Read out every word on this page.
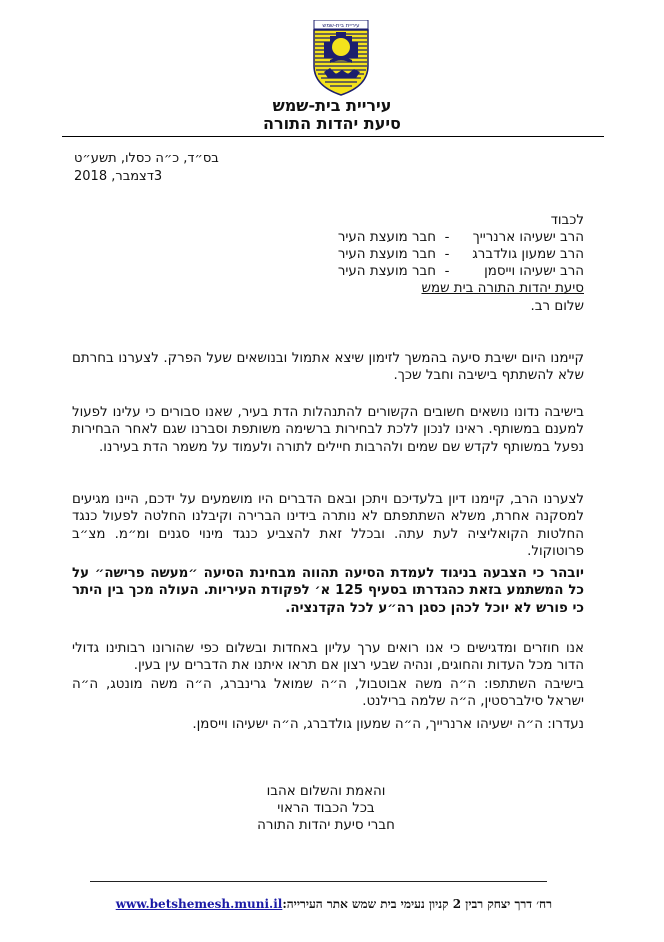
עיריית בית-שמש
עיריית בית-שמש
סיעת יהדות התורה
בס״ד, כ״ה כסלו, תשע״ט
3דצמבר, 2018
לכבוד
הרב ישעיהו ארנרייך
-
חבר מועצת העיר
הרב שמעון גולדברג
-
חבר מועצת העיר
הרב ישעיהו וייסמן
-
חבר מועצת העיר
סיעת יהדות התורה בית שמש
שלום רב.
קיימנו היום ישיבת סיעה בהמשך לזימון שיצא אתמול ובנושאים שעל הפרק. לצערנו בחרתם שלא להשתתף בישיבה וחבל שכך.
בישיבה נדונו נושאים חשובים הקשורים להתנהלות הדת בעיר, שאנו סבורים כי עלינו לפעול למענם במשותף. ראינו לנכון ללכת לבחירות ברשימה משותפת וסברנו שגם לאחר הבחירות נפעל במשותף לקדש שם שמים ולהרבות חיילים לתורה ולעמוד על משמר הדת בעירנו.
לצערנו הרב, קיימנו דיון בלעדיכם ויתכן ובאם הדברים היו מושמעים על ידכם, היינו מגיעים למסקנה אחרת, משלא השתתפתם לא נותרה בידינו הברירה וקיבלנו החלטה לפעול כנגד החלטות הקואליציה לעת עתה. ובכלל זאת להצביע כנגד מינוי סגנים ומ״מ. מצ״ב פרוטוקול.
יובהר כי הצבעה בניגוד לעמדת הסיעה תהווה מבחינת הסיעה ״מעשה פרישה״ על כל המשתמע בזאת כהגדרתו בסעיף 125 א׳ לפקודת העיריות. העולה מכך בין היתר כי פורש לא יוכל לכהן כסגן רה״ע לכל הקדנציה.
אנו חוזרים ומדגישים כי אנו רואים ערך עליון באחדות ובשלום כפי שהורונו רבותינו גדולי הדור מכל העדות והחוגים, ונהיה שבעי רצון אם תראו איתנו את הדברים עין בעין.
בישיבה השתתפו: ה״ה משה אבוטבול, ה״ה שמואל גרינברג, ה״ה משה מונטג, ה״ה ישראל סילברסטין, ה״ה שלמה ברילנט.
נעדרו: ה״ה ישעיהו ארנרייך, ה״ה שמעון גולדברג, ה״ה ישעיהו וייסמן.
והאמת והשלום אהבו
בכל הכבוד הראוי
חברי סיעת יהדות התורה
רח׳ דרך יצחק רבין 2 קניון נעימי בית שמש אתר העירייה:www.betshemesh.muni.il
